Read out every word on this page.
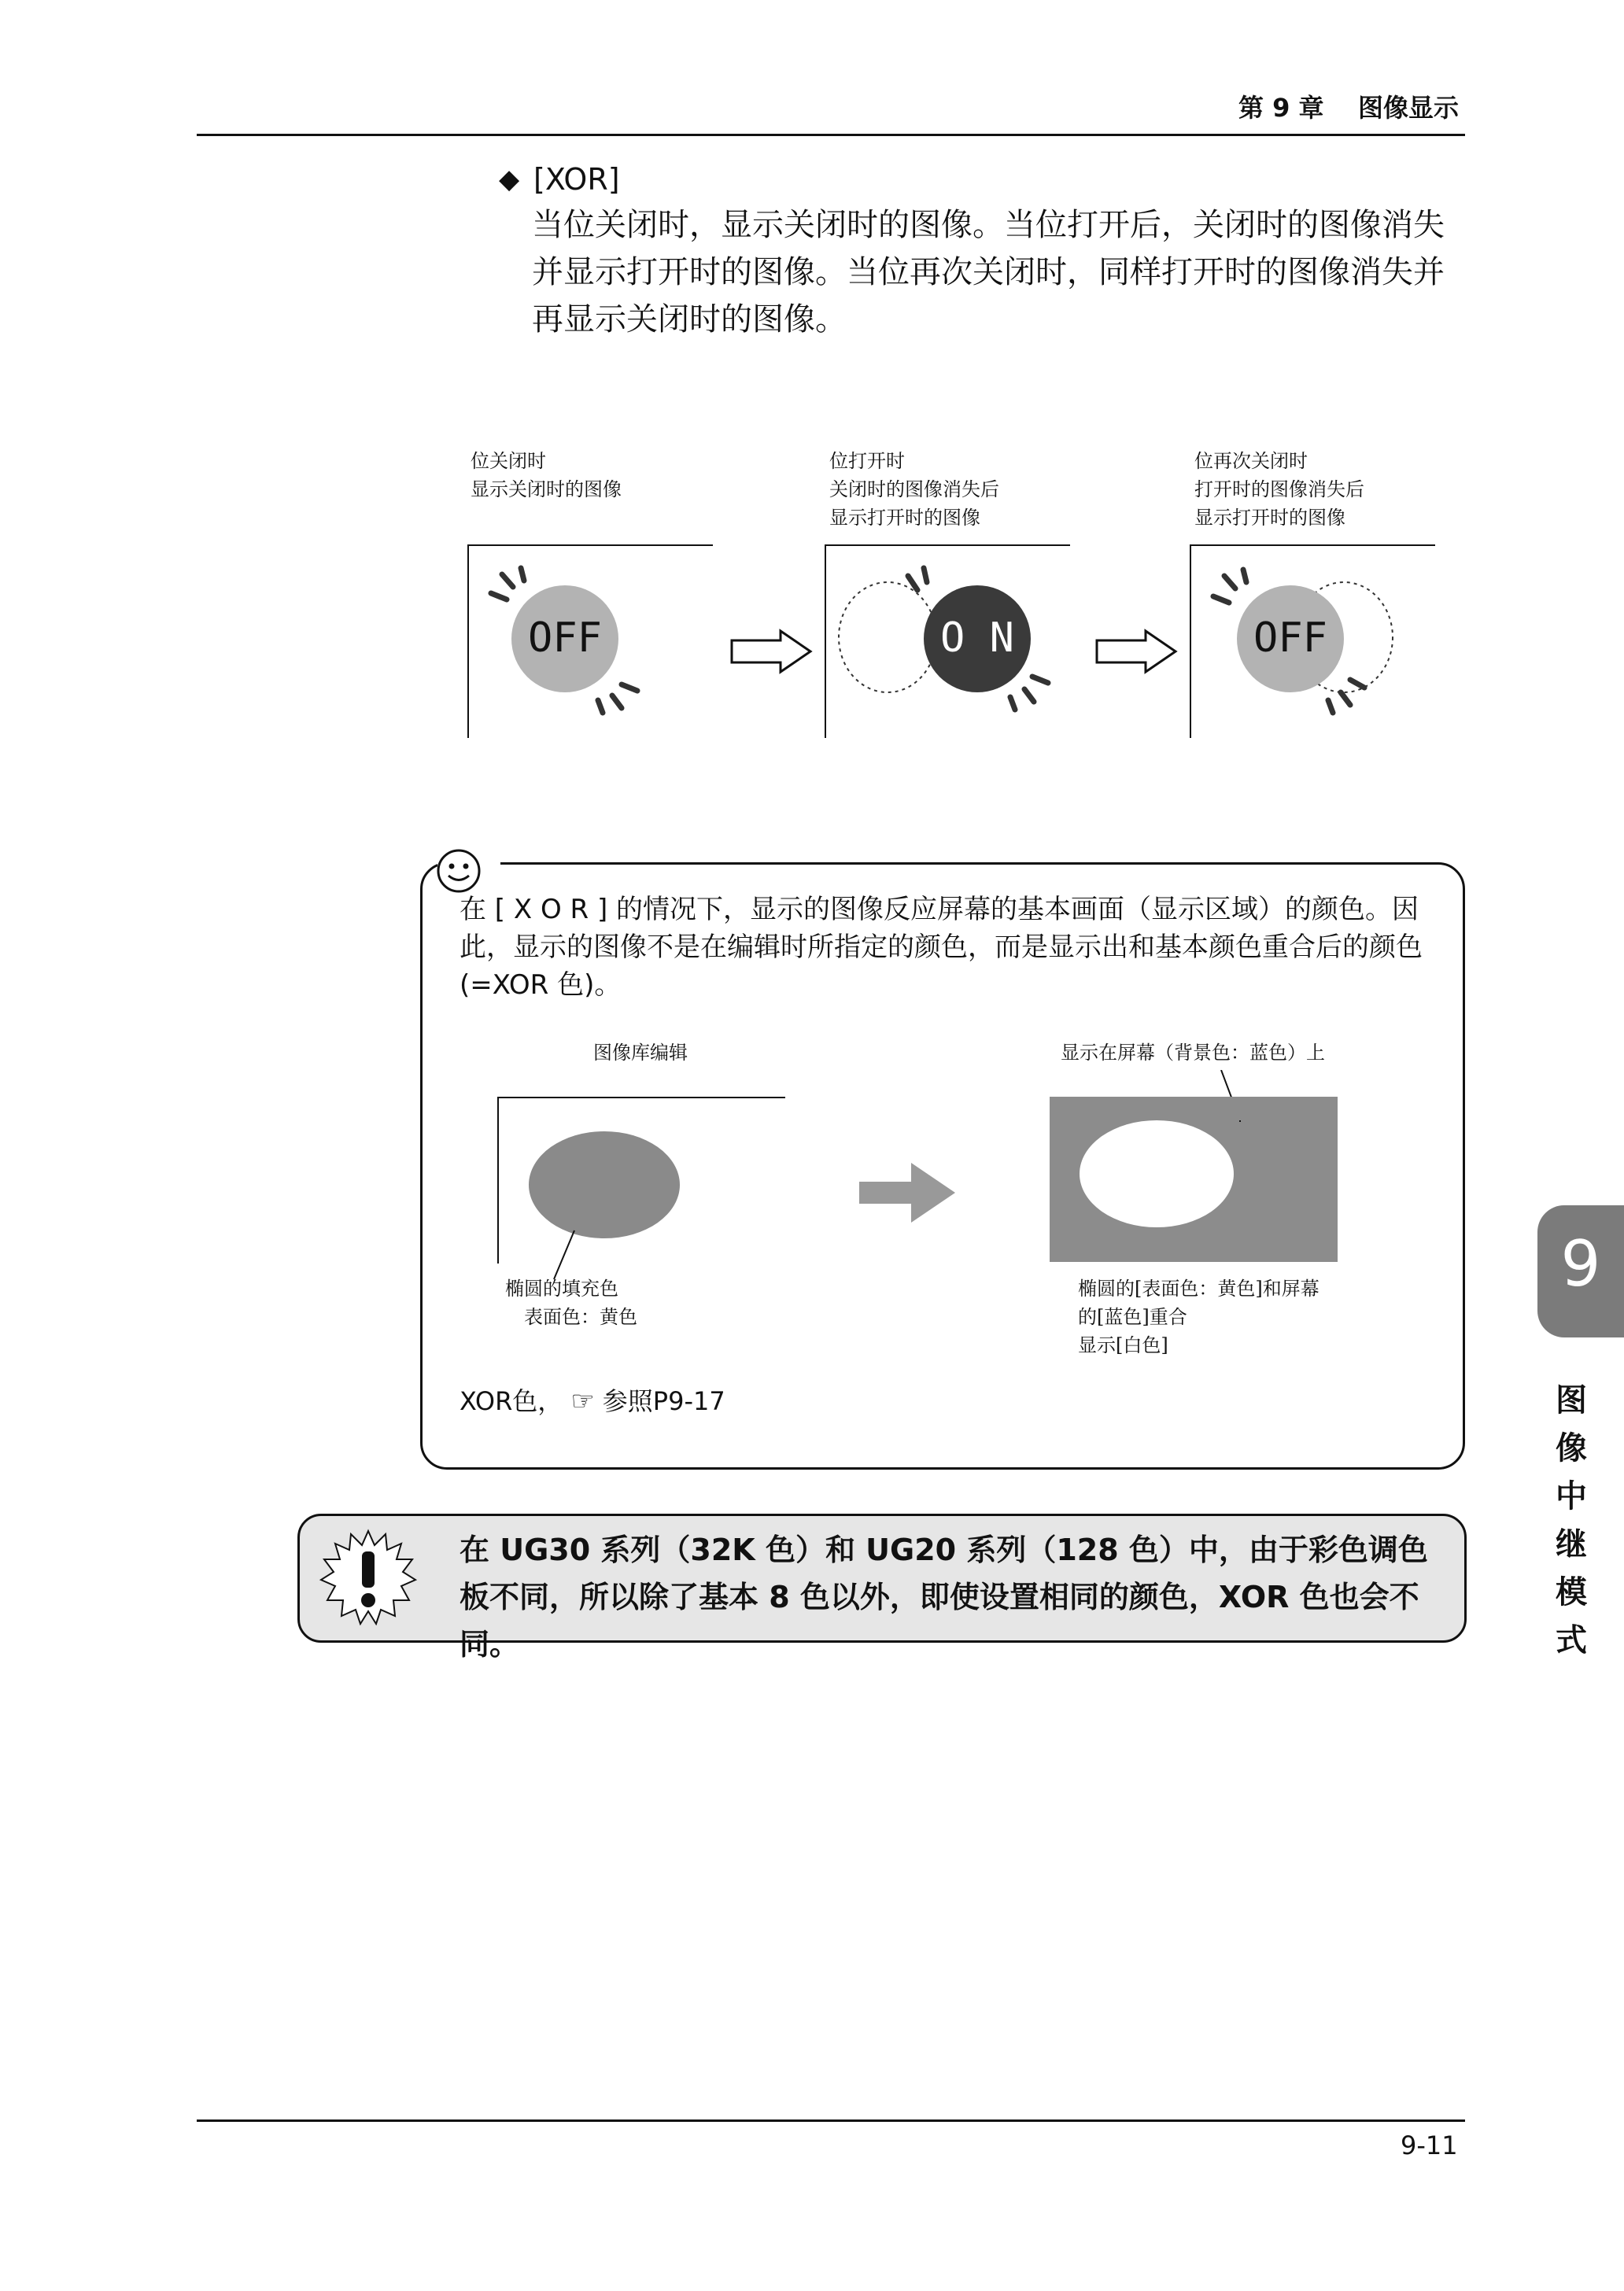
第 9 章 图像显示
◆ [XOR]
当位关闭时，显示关闭时的图像。当位打开后，关闭时的图像消失并显示打开时的图像。当位再次关闭时，同样打开时的图像消失并再显示关闭时的图像。
位关闭时
显示关闭时的图像
OFF
位打开时
关闭时的图像消失后
显示打开时的图像
O N
位再次关闭时
打开时的图像消失后
显示打开时的图像
OFF
在 [ X O R ] 的情况下，显示的图像反应屏幕的基本画面（显示区域）的颜色。因此，显示的图像不是在编辑时所指定的颜色，而是显示出和基本颜色重合后的颜色 (=XOR 色)。
图像库编辑
椭圆的填充色
　表面色：黄色
显示在屏幕（背景色：蓝色）上
椭圆的[表面色：黄色]和屏幕
的[蓝色]重合
显示[白色]
XOR色， ☞ 参照P9-17
在 UG30 系列（32K 色）和 UG20 系列（128 色）中，由于彩色调色板不同，所以除了基本 8 色以外，即使设置相同的颜色，XOR 色也会不同。
9
图像中继模式
9-11
